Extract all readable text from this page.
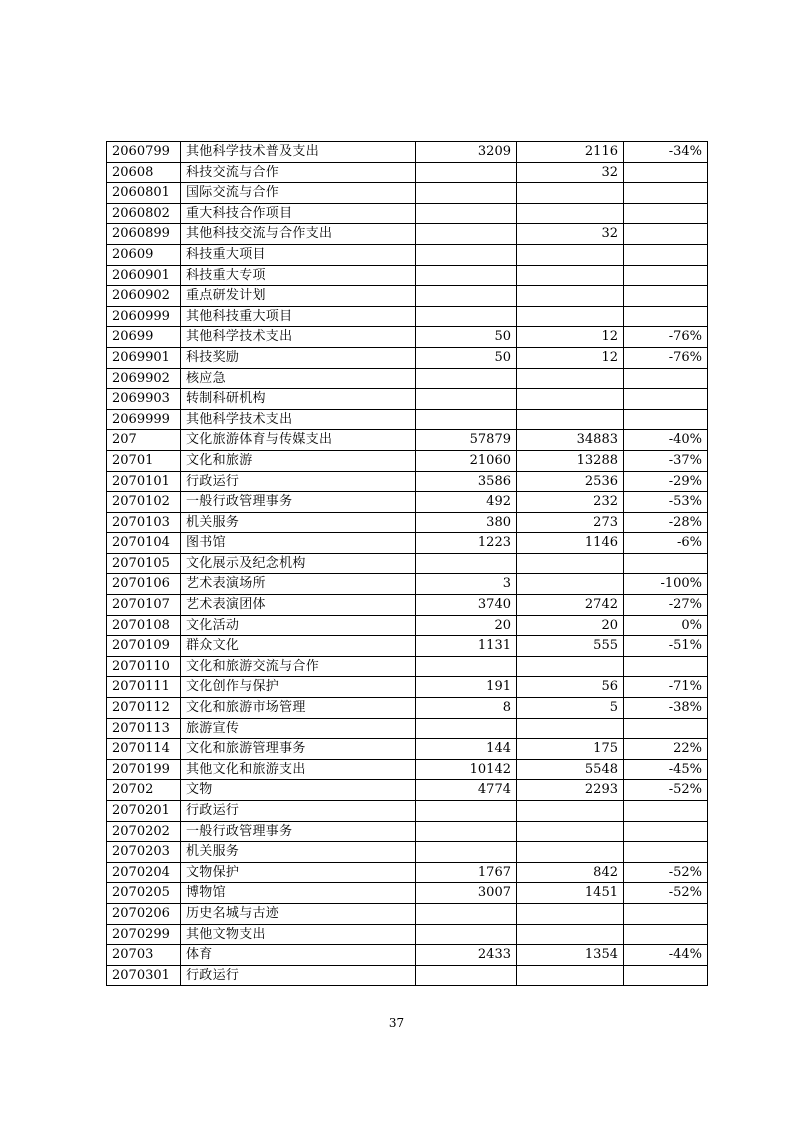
2060799	其他科学技术普及支出	3209	2116	-34%
20608	科技交流与合作		32	
2060801	国际交流与合作			
2060802	重大科技合作项目			
2060899	其他科技交流与合作支出		32	
20609	科技重大项目			
2060901	科技重大专项			
2060902	重点研发计划			
2060999	其他科技重大项目			
20699	其他科学技术支出	50	12	-76%
2069901	科技奖励	50	12	-76%
2069902	核应急			
2069903	转制科研机构			
2069999	其他科学技术支出			
207	文化旅游体育与传媒支出	57879	34883	-40%
20701	文化和旅游	21060	13288	-37%
2070101	行政运行	3586	2536	-29%
2070102	一般行政管理事务	492	232	-53%
2070103	机关服务	380	273	-28%
2070104	图书馆	1223	1146	-6%
2070105	文化展示及纪念机构			
2070106	艺术表演场所	3		-100%
2070107	艺术表演团体	3740	2742	-27%
2070108	文化活动	20	20	0%
2070109	群众文化	1131	555	-51%
2070110	文化和旅游交流与合作			
2070111	文化创作与保护	191	56	-71%
2070112	文化和旅游市场管理	8	5	-38%
2070113	旅游宣传			
2070114	文化和旅游管理事务	144	175	22%
2070199	其他文化和旅游支出	10142	5548	-45%
20702	文物	4774	2293	-52%
2070201	行政运行			
2070202	一般行政管理事务			
2070203	机关服务			
2070204	文物保护	1767	842	-52%
2070205	博物馆	3007	1451	-52%
2070206	历史名城与古迹			
2070299	其他文物支出			
20703	体育	2433	1354	-44%
2070301	行政运行			
37
